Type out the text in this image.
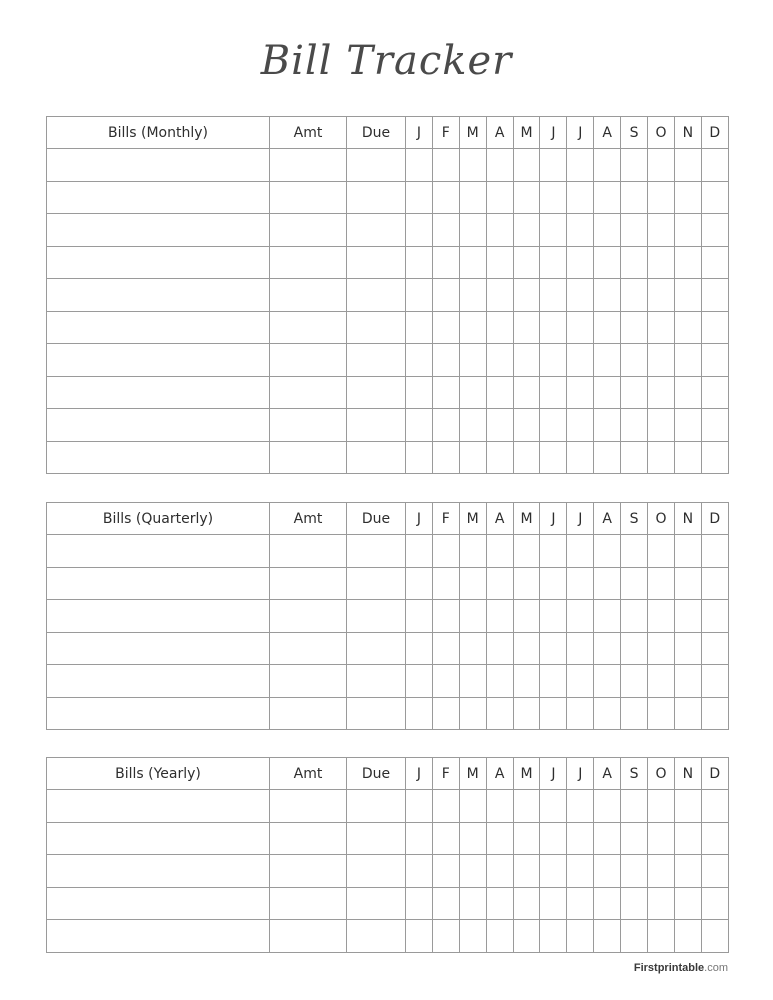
Bill Tracker
Bills (Monthly)	Amt	Due	J	F	M	A	M	J	J	A	S	O	N	D

Bills (Quarterly)	Amt	Due	J	F	M	A	M	J	J	A	S	O	N	D

Bills (Yearly)	Amt	Due	J	F	M	A	M	J	J	A	S	O	N	D

Firstprintable.com
